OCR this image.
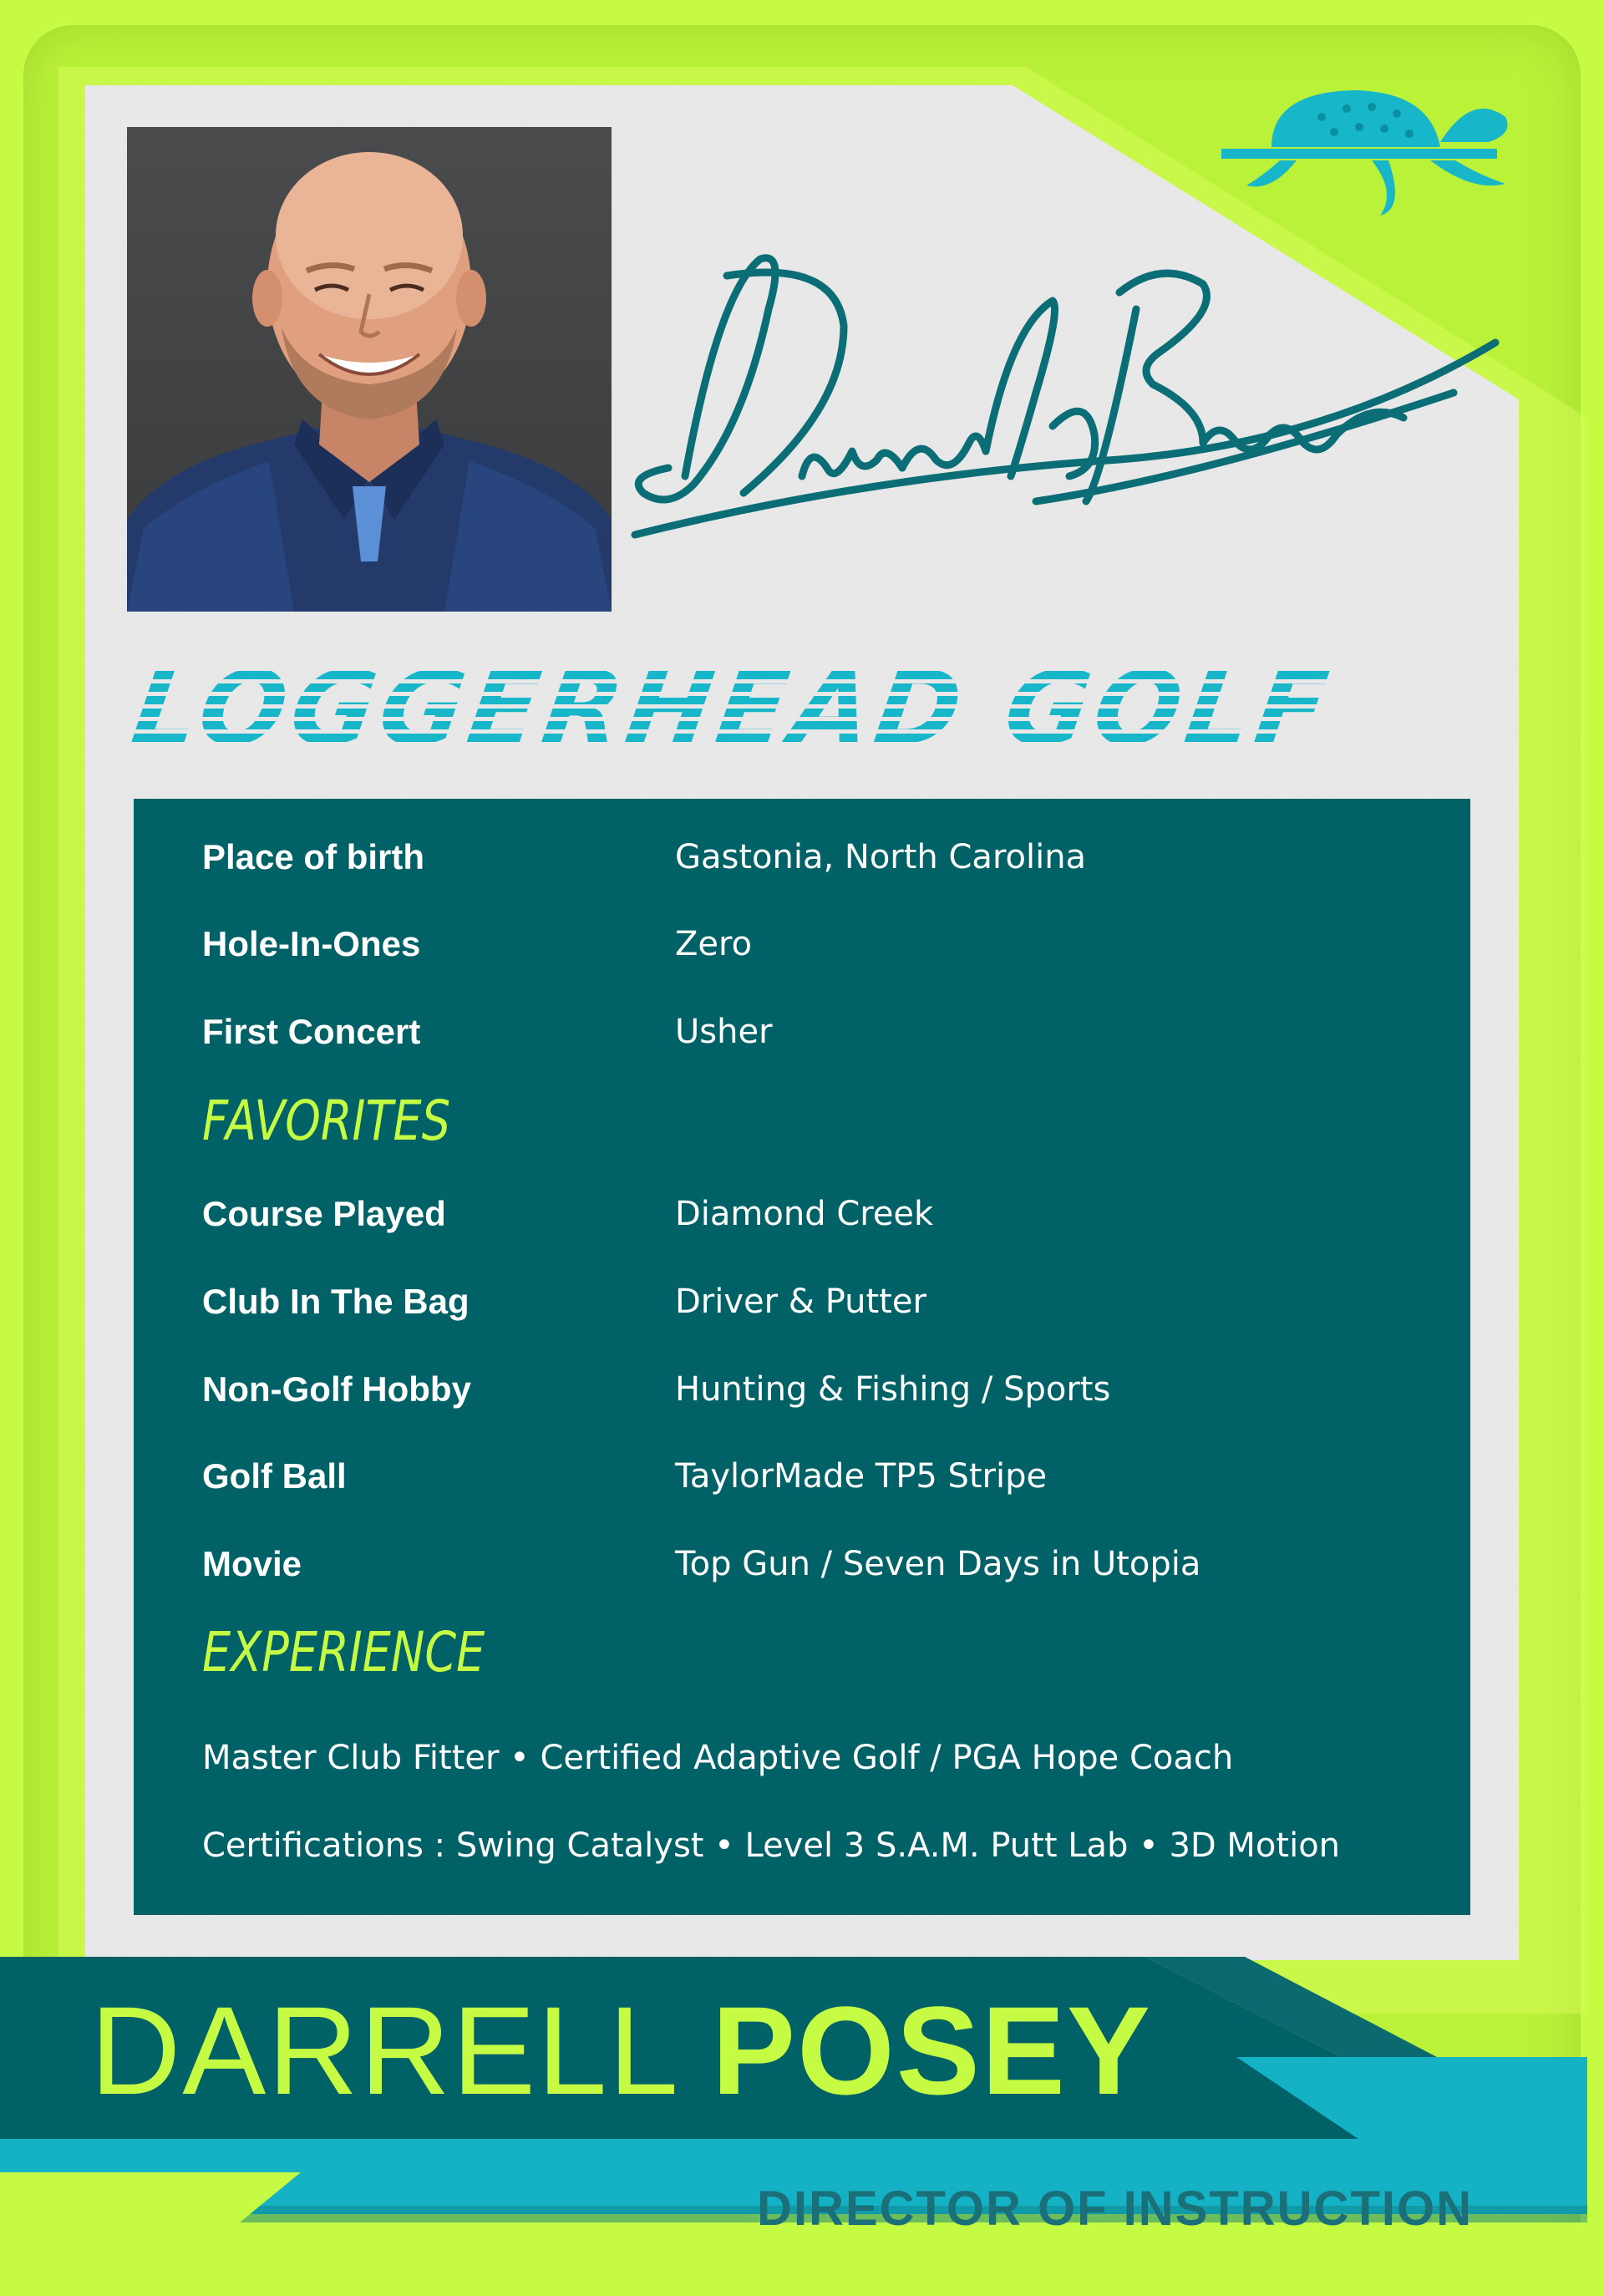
LOGGERHEAD GOLF
Place of birth	Gastonia, North Carolina
Hole-In-Ones	Zero
First Concert	Usher
FAVORITES
Course Played	Diamond Creek
Club In The Bag	Driver & Putter
Non-Golf Hobby	Hunting & Fishing / Sports
Golf Ball	TaylorMade TP5 Stripe
Movie	Top Gun / Seven Days in Utopia
EXPERIENCE
Master Club Fitter • Certified Adaptive Golf / PGA Hope Coach
Certifications : Swing Catalyst • Level 3 S.A.M. Putt Lab • 3D Motion
DARRELL POSEY
DIRECTOR OF INSTRUCTION
